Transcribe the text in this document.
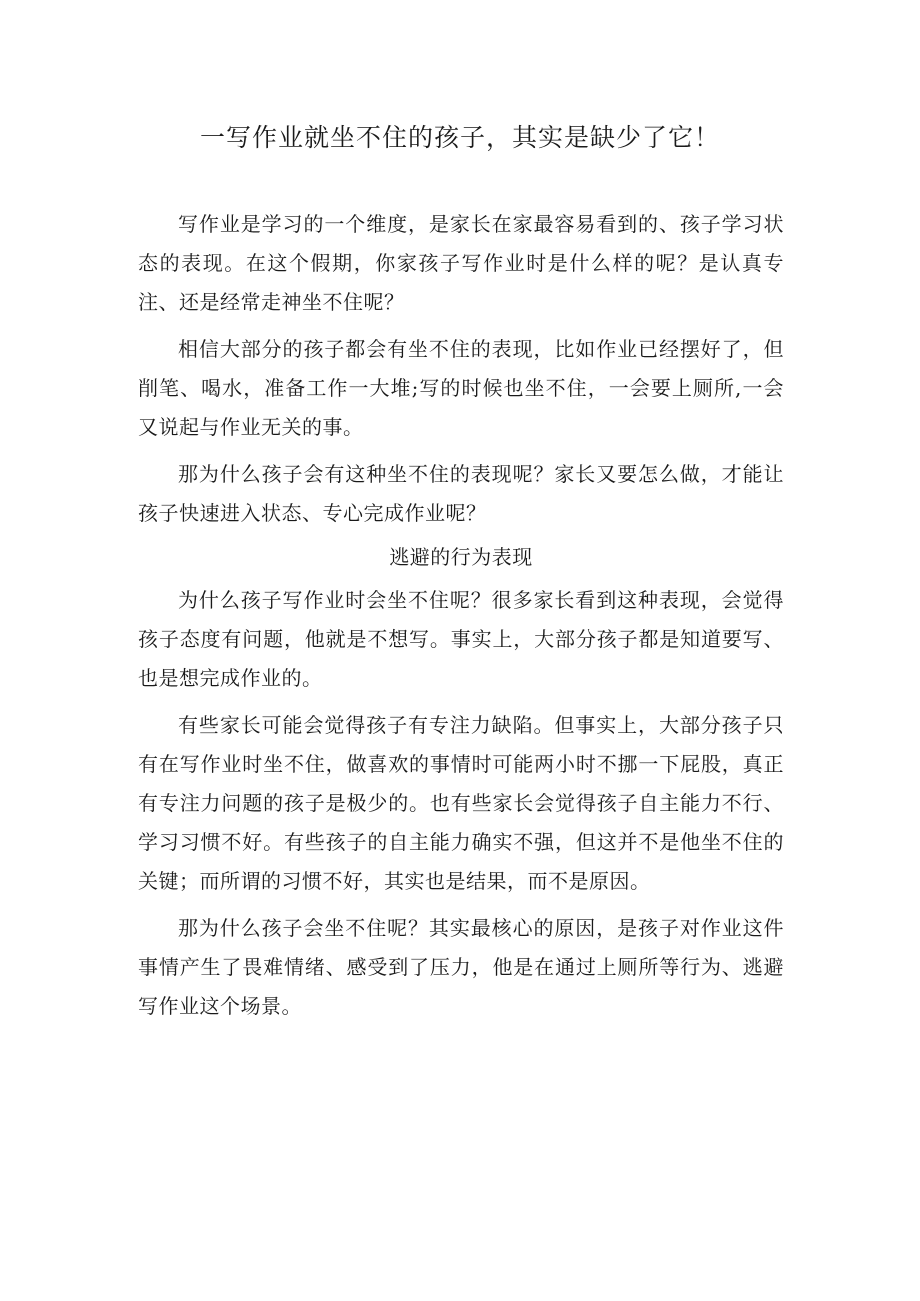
一写作业就坐不住的孩子，其实是缺少了它！

写作业是学习的一个维度，是家长在家最容易看到的、孩子学习状态的表现。在这个假期，你家孩子写作业时是什么样的呢？是认真专注、还是经常走神坐不住呢？

相信大部分的孩子都会有坐不住的表现，比如作业已经摆好了，但削笔、喝水，准备工作一大堆;写的时候也坐不住，一会要上厕所,一会又说起与作业无关的事。

那为什么孩子会有这种坐不住的表现呢？家长又要怎么做，才能让孩子快速进入状态、专心完成作业呢？

逃避的行为表现

为什么孩子写作业时会坐不住呢？很多家长看到这种表现，会觉得孩子态度有问题，他就是不想写。事实上，大部分孩子都是知道要写、也是想完成作业的。

有些家长可能会觉得孩子有专注力缺陷。但事实上，大部分孩子只有在写作业时坐不住，做喜欢的事情时可能两小时不挪一下屁股，真正有专注力问题的孩子是极少的。也有些家长会觉得孩子自主能力不行、学习习惯不好。有些孩子的自主能力确实不强，但这并不是他坐不住的关键；而所谓的习惯不好，其实也是结果，而不是原因。

那为什么孩子会坐不住呢？其实最核心的原因，是孩子对作业这件事情产生了畏难情绪、感受到了压力，他是在通过上厕所等行为、逃避写作业这个场景。
